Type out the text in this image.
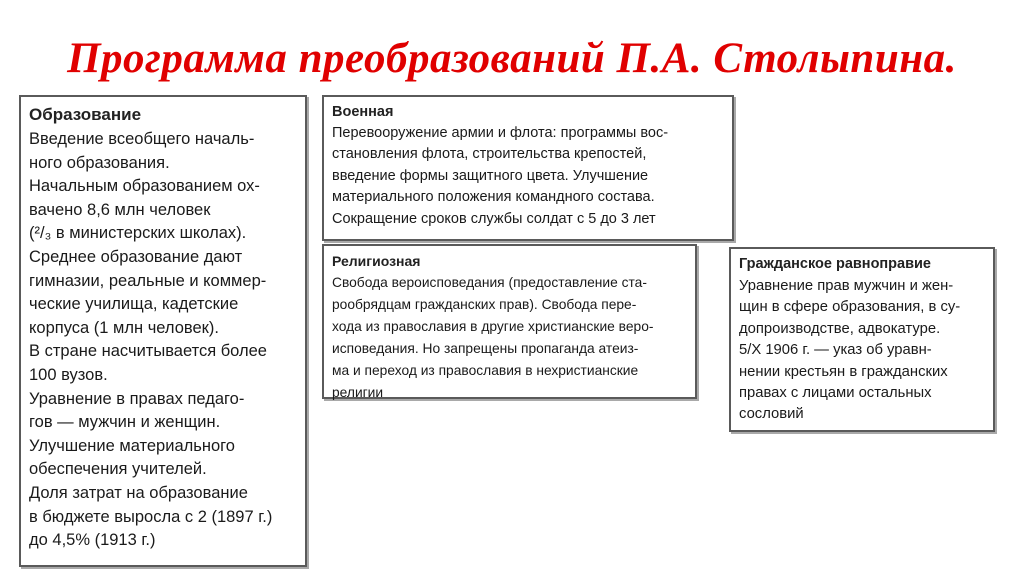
Программа преобразований П.А. Столыпина.
Образование
Введение всеобщего началь-
ного образования.
Начальным образованием ох-
вачено 8,6 млн человек
(²/₃ в министерских школах).
Среднее образование дают
гимназии, реальные и коммер-
ческие училища, кадетские
корпуса (1 млн человек).
В стране насчитывается более
100 вузов.
Уравнение в правах педаго-
гов — мужчин и женщин.
Улучшение материального
обеспечения учителей.
Доля затрат на образование
в бюджете выросла с 2 (1897 г.)
до 4,5% (1913 г.)
Военная
Перевооружение армии и флота: программы вос-
становления флота, строительства крепостей,
введение формы защитного цвета. Улучшение
материального положения командного состава.
Сокращение сроков службы солдат с 5 до 3 лет
Религиозная
Свобода вероисповедания (предоставление ста-
рообрядцам гражданских прав). Свобода пере-
хода из православия в другие христианские веро-
исповедания. Но запрещены пропаганда атеиз-
ма и переход из православия в нехристианские
религии
Гражданское равноправие
Уравнение прав мужчин и жен-
щин в сфере образования, в су-
допроизводстве, адвокатуре.
5/X 1906 г. — указ об уравн-
нении крестьян в гражданских
правах с лицами остальных
сословий
